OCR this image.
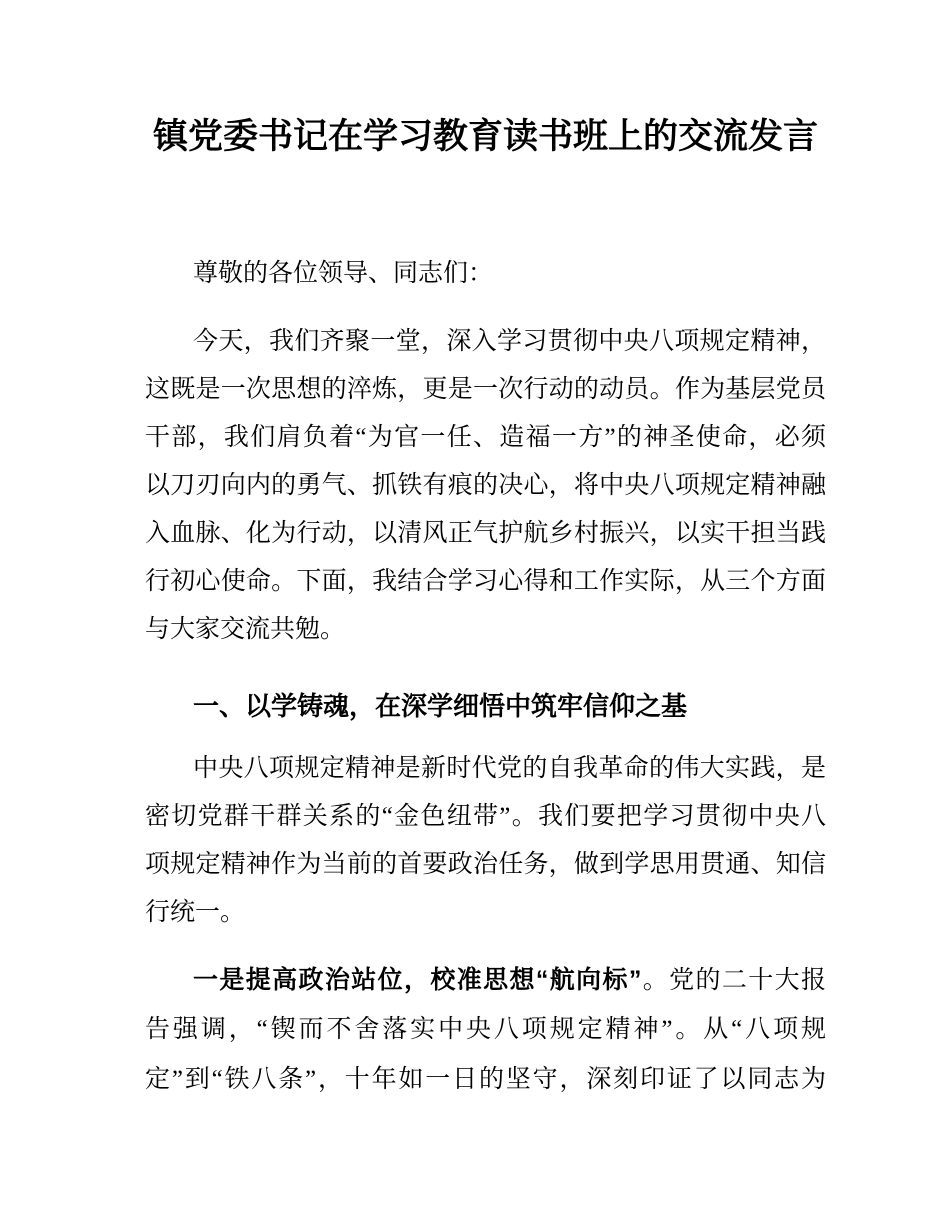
镇党委书记在学习教育读书班上的交流发言
尊敬的各位领导、同志们：
今天，我们齐聚一堂，深入学习贯彻中央八项规定精神，
这既是一次思想的淬炼，更是一次行动的动员。作为基层党员
干部，我们肩负着“为官一任、造福一方”的神圣使命，必须
以刀刃向内的勇气、抓铁有痕的决心，将中央八项规定精神融
入血脉、化为行动，以清风正气护航乡村振兴，以实干担当践
行初心使命。下面，我结合学习心得和工作实际，从三个方面
与大家交流共勉。
一、以学铸魂，在深学细悟中筑牢信仰之基
中央八项规定精神是新时代党的自我革命的伟大实践，是
密切党群干群关系的“金色纽带”。我们要把学习贯彻中央八
项规定精神作为当前的首要政治任务，做到学思用贯通、知信
行统一。
一是提高政治站位，校准思想“航向标”。党的二十大报
告强调，“锲而不舍落实中央八项规定精神”。从“八项规
定”到“铁八条”，十年如一日的坚守，深刻印证了以同志为
